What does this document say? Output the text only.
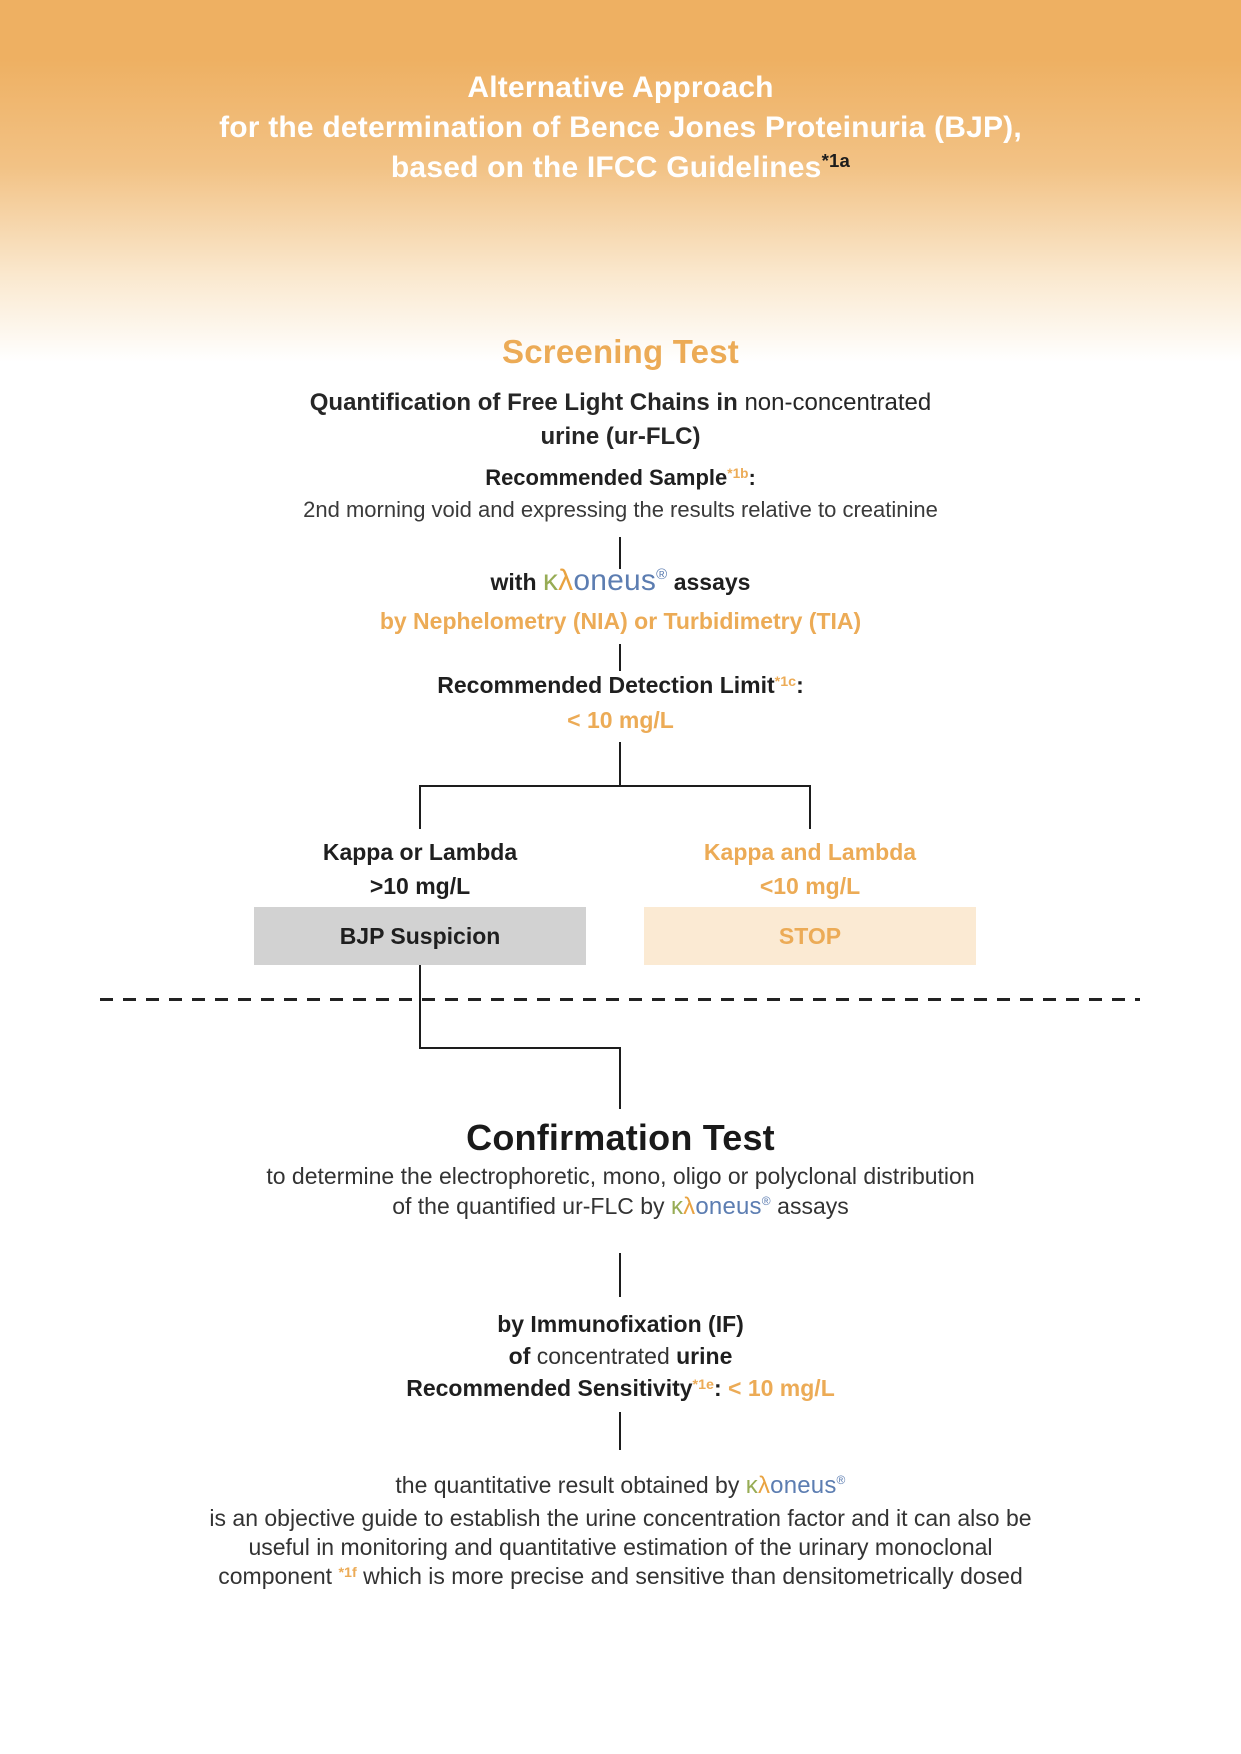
Alternative Approach
for the determination of Bence Jones Proteinuria (BJP),
based on the IFCC Guidelines$^{*1a}$
Screening Test
Quantification of Free Light Chains in non-concentrated
urine (ur-FLC)
Recommended Sample$^{*1b}$:
2nd morning void and expressing the results relative to creatinine
with κλoneus® assays
by Nephelometry (NIA) or Turbidimetry (TIA)
Recommended Detection Limit$^{*1c}$:
< 10 mg/L
Kappa or Lambda
>10 mg/L
Kappa and Lambda
<10 mg/L
BJP Suspicion	STOP
Confirmation Test
to determine the electrophoretic, mono, oligo or polyclonal distribution
of the quantified ur-FLC by κλoneus® assays
by Immunofixation (IF)
of concentrated urine
Recommended Sensitivity$^{*1e}$: < 10 mg/L
the quantitative result obtained by κλoneus®
is an objective guide to establish the urine concentration factor and it can also be
useful in monitoring and quantitative estimation of the urinary monoclonal
component $^{*1f}$ which is more precise and sensitive than densitometrically dosed
